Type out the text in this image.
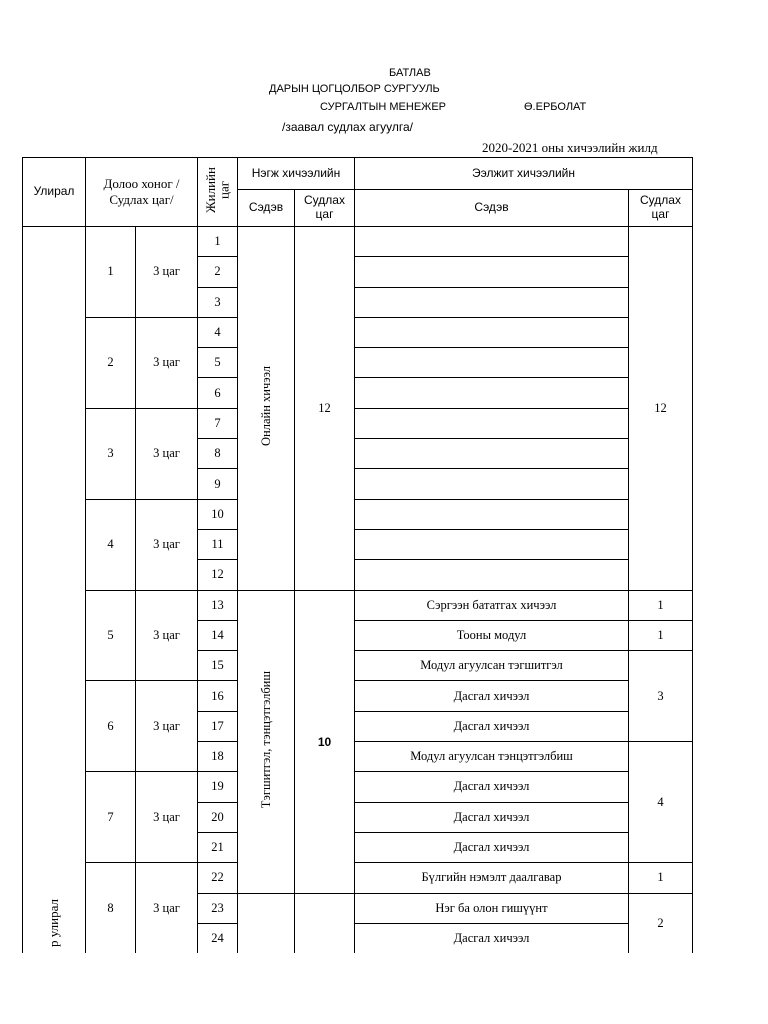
БАТЛАВ
ДАРЫН ЦОГЦОЛБОР СУРГУУЛЬ
СУРГАЛТЫН МЕНЕЖЕР	Ө.ЕРБОЛАТ
/заавал судлах агуулга/
2020-2021 оны хичээлийн жилд
Улирал	Долоо хоног /Судлах цаг/		Жилийн цаг	Нэгж хичээлийн		Ээлжит хичээлийн	
				Сэдэв	Судлах цаг	Сэдэв	Судлах цаг

р улирал	1	3 цаг	1	Онлайн хичээл	12		12
			2				
			3				
	2	3 цаг	4				
			5				
			6				
	3	3 цаг	7				
			8				
			9				
	4	3 цаг	10				
			11				
			12				
	5	3 цаг	13	Тэгшитгэл, тэнцэтгэлбиш	10	Сэргээн бататгах хичээл	1
			14			Тооны модул	1
			15			Модул агуулсан тэгшитгэл	3
	6	3 цаг	16			Дасгал хичээл	
			17			Дасгал хичээл	
			18			Модул агуулсан тэнцэтгэлбиш	4
	7	3 цаг	19			Дасгал хичээл	
			20			Дасгал хичээл	
			21			Дасгал хичээл	
	8	3 цаг	22			Бүлгийн нэмэлт даалгавар	1
			23			Нэг ба олон гишүүнт	2
			24			Дасгал хичээл	
